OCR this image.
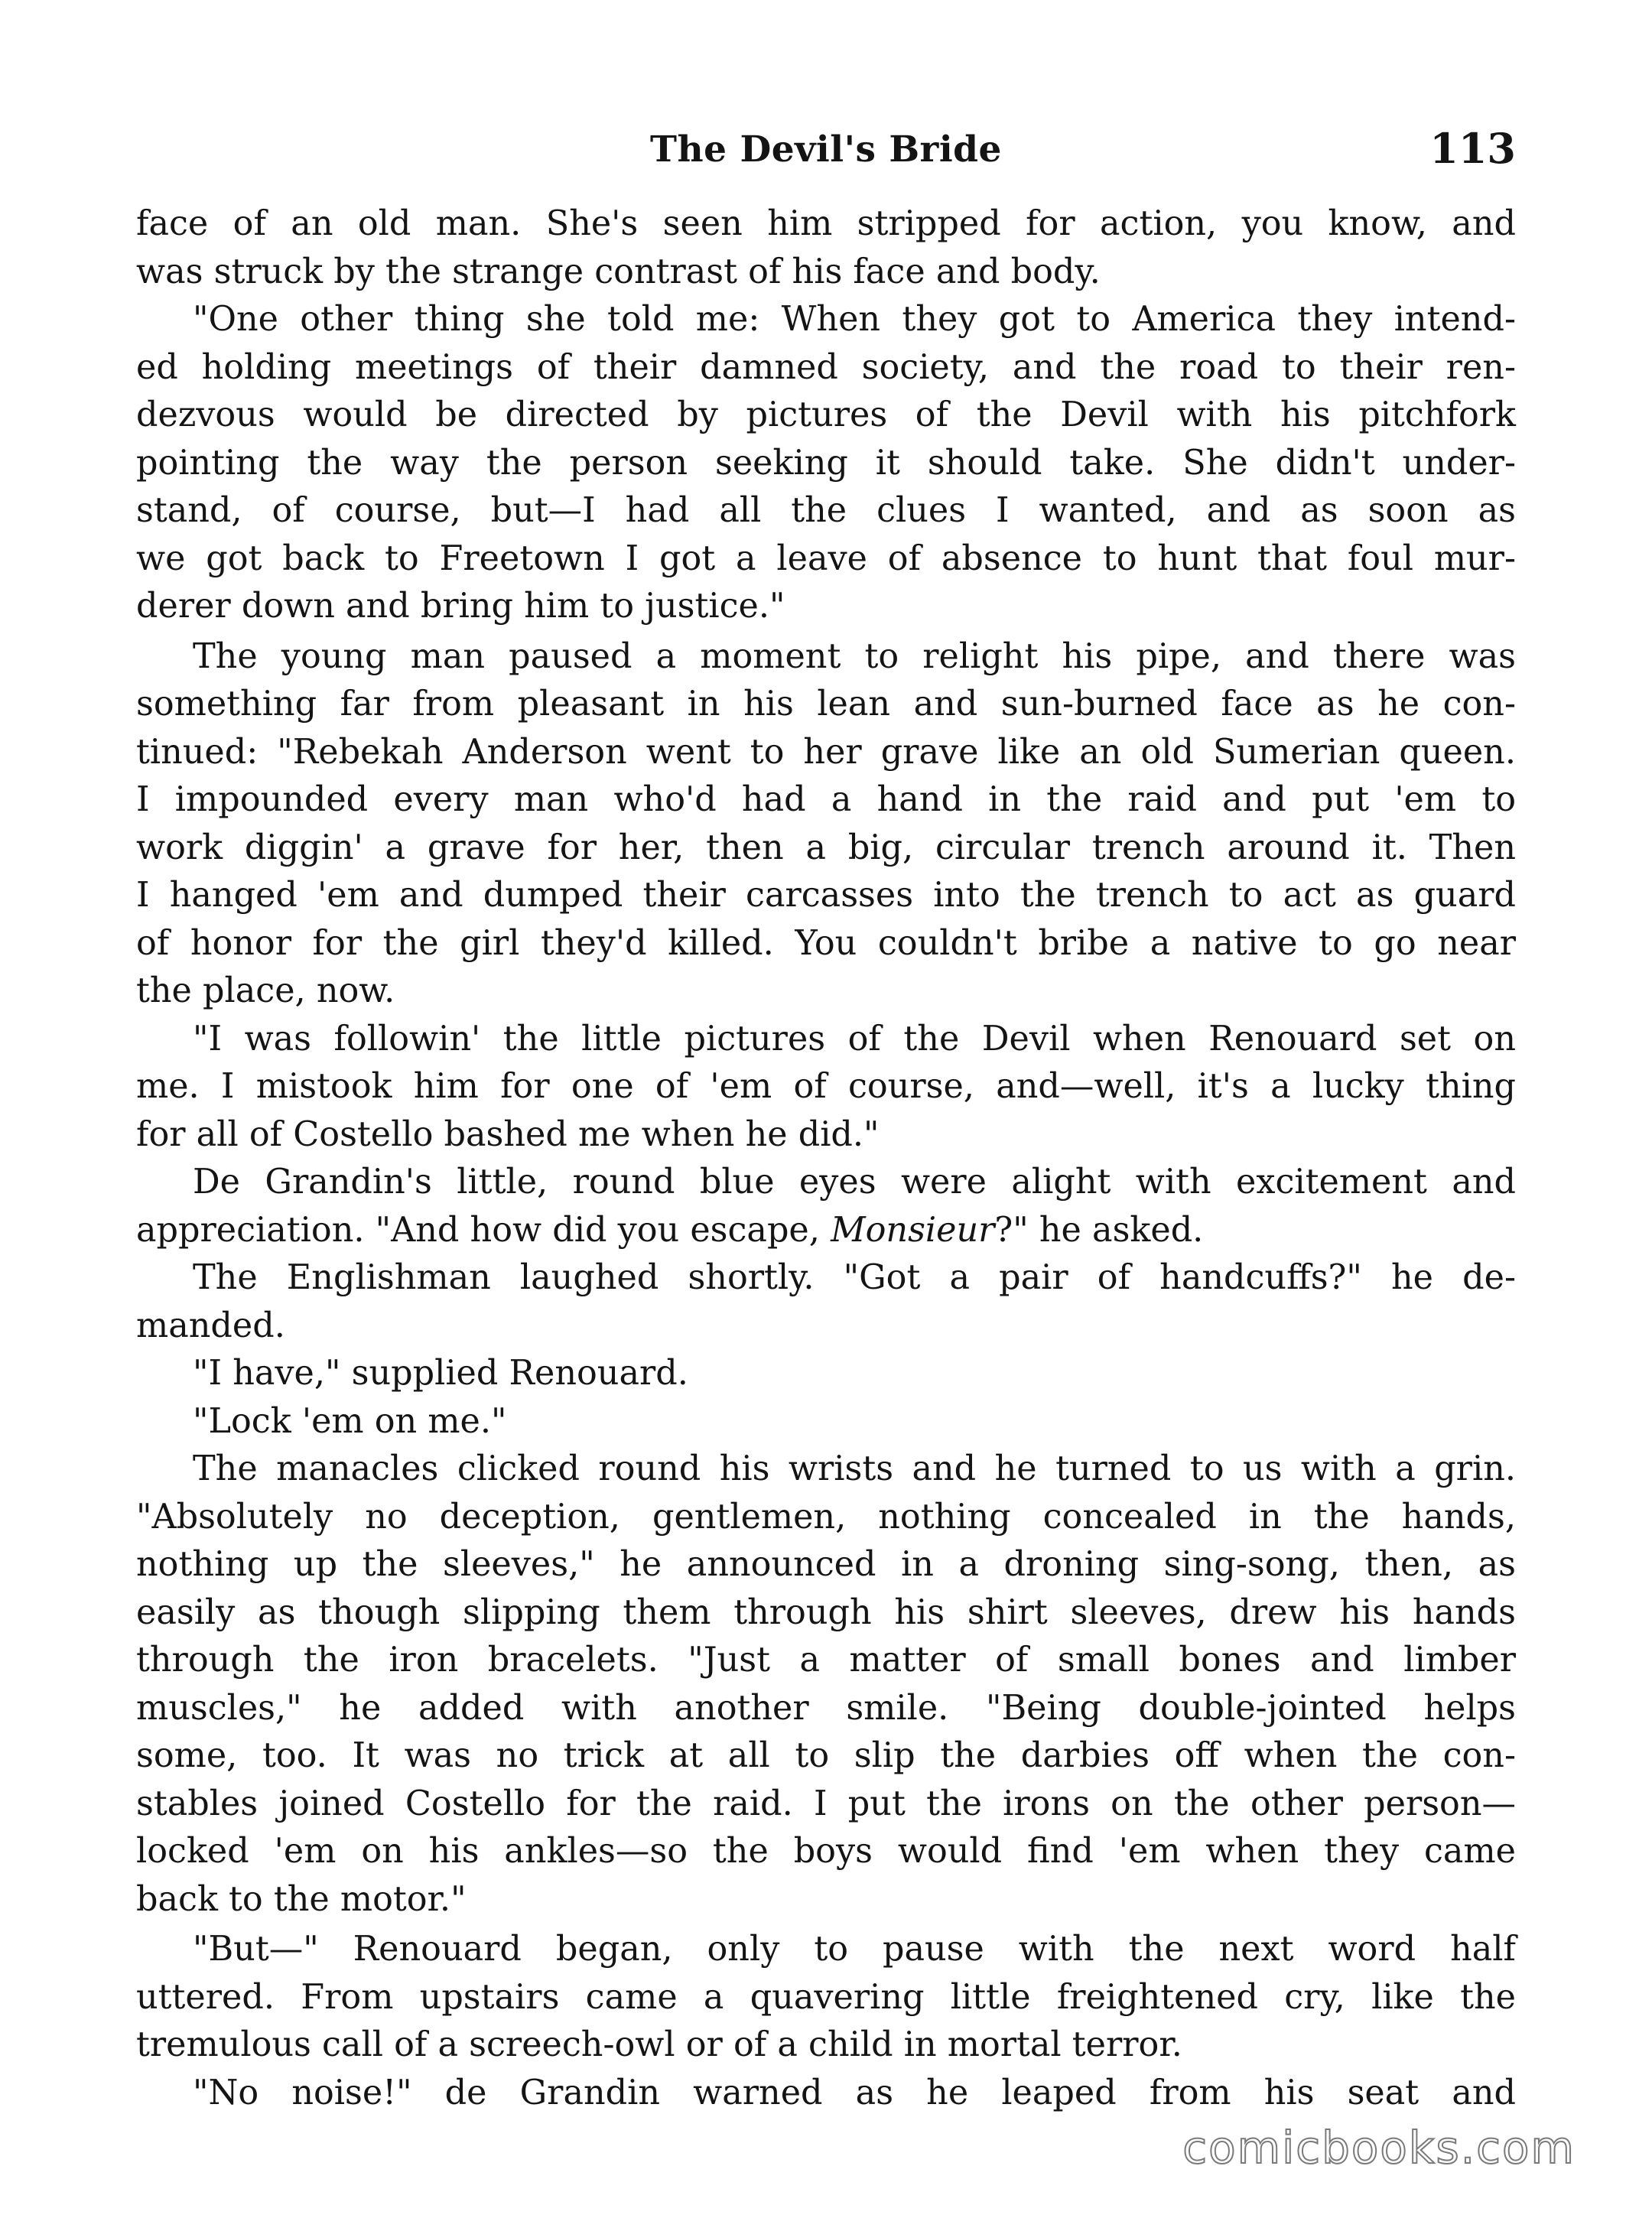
The Devil's Bride	113
face of an old man. She's seen him stripped for action, you know, and
was struck by the strange contrast of his face and body.
"One other thing she told me: When they got to America they intend-
ed holding meetings of their damned society, and the road to their ren-
dezvous would be directed by pictures of the Devil with his pitchfork
pointing the way the person seeking it should take. She didn't under-
stand, of course, but—I had all the clues I wanted, and as soon as
we got back to Freetown I got a leave of absence to hunt that foul mur-
derer down and bring him to justice."
The young man paused a moment to relight his pipe, and there was
something far from pleasant in his lean and sun-burned face as he con-
tinued: "Rebekah Anderson went to her grave like an old Sumerian queen.
I impounded every man who'd had a hand in the raid and put 'em to
work diggin' a grave for her, then a big, circular trench around it. Then
I hanged 'em and dumped their carcasses into the trench to act as guard
of honor for the girl they'd killed. You couldn't bribe a native to go near
the place, now.
"I was followin' the little pictures of the Devil when Renouard set on
me. I mistook him for one of 'em of course, and—well, it's a lucky thing
for all of Costello bashed me when he did."
De Grandin's little, round blue eyes were alight with excitement and
appreciation. "And how did you escape, Monsieur?" he asked.
The Englishman laughed shortly. "Got a pair of handcuffs?" he de-
manded.
"I have," supplied Renouard.
"Lock 'em on me."
The manacles clicked round his wrists and he turned to us with a grin.
"Absolutely no deception, gentlemen, nothing concealed in the hands,
nothing up the sleeves," he announced in a droning sing-song, then, as
easily as though slipping them through his shirt sleeves, drew his hands
through the iron bracelets. "Just a matter of small bones and limber
muscles," he added with another smile. "Being double-jointed helps
some, too. It was no trick at all to slip the darbies off when the con-
stables joined Costello for the raid. I put the irons on the other person—
locked 'em on his ankles—so the boys would find 'em when they came
back to the motor."
"But—" Renouard began, only to pause with the next word half
uttered. From upstairs came a quavering little freightened cry, like the
tremulous call of a screech-owl or of a child in mortal terror.
"No noise!" de Grandin warned as he leaped from his seat and
comicbooks.com
